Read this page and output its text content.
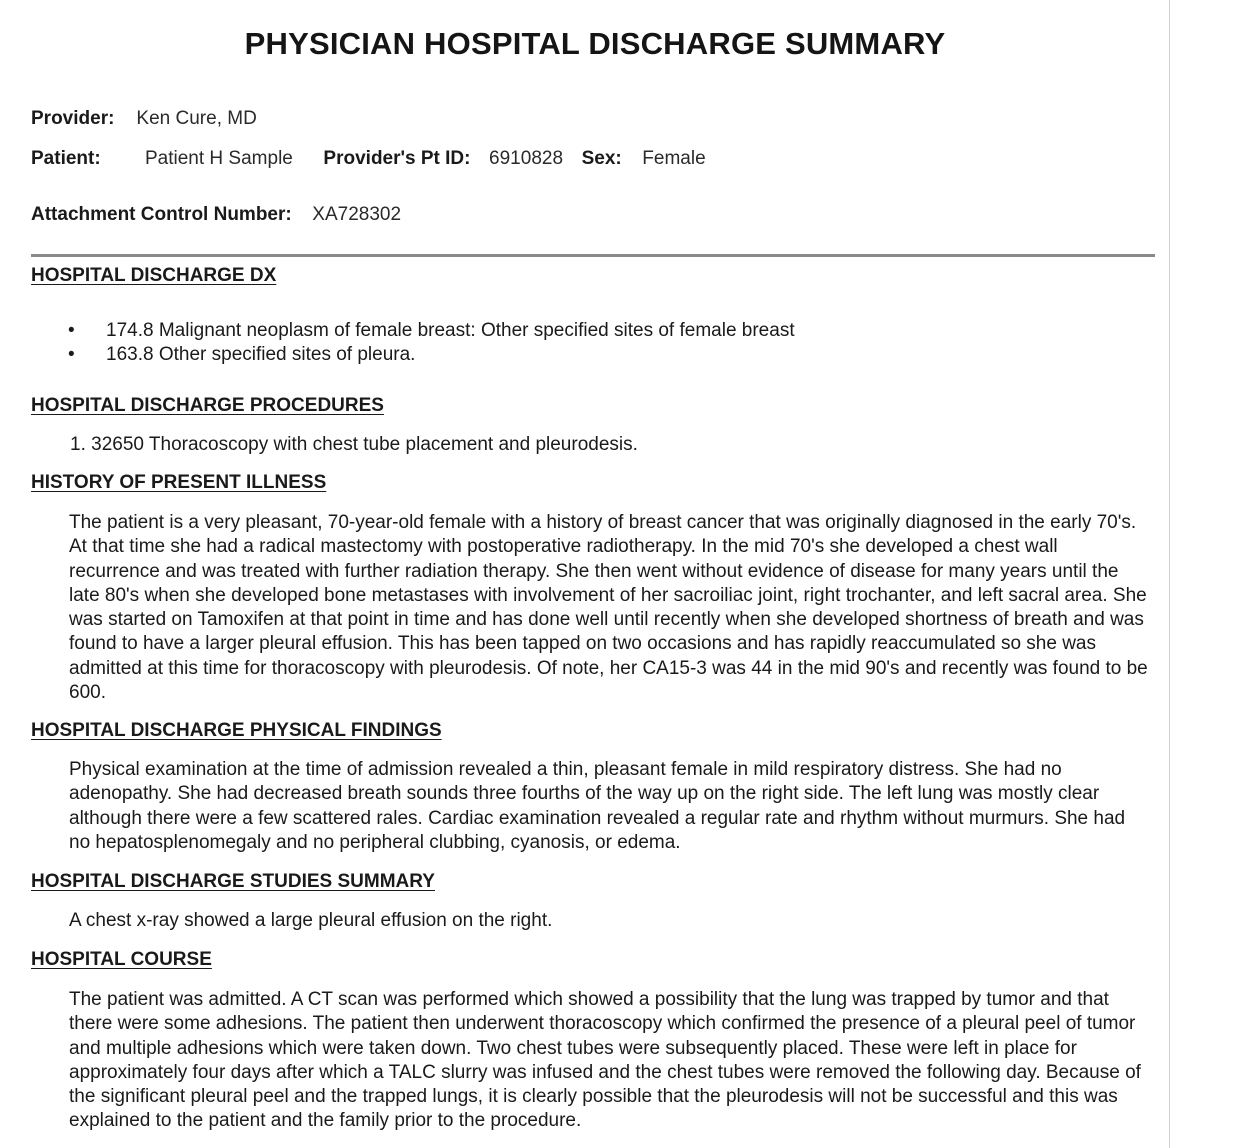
PHYSICIAN HOSPITAL DISCHARGE SUMMARY
Provider: Ken Cure, MD
Patient: Patient H Sample Provider's Pt ID: 6910828 Sex: Female
Attachment Control Number: XA728302
HOSPITAL DISCHARGE DX
• 174.8 Malignant neoplasm of female breast: Other specified sites of female breast
• 163.8 Other specified sites of pleura.
HOSPITAL DISCHARGE PROCEDURES
1. 32650 Thoracoscopy with chest tube placement and pleurodesis.
HISTORY OF PRESENT ILLNESS

The patient is a very pleasant, 70-year-old female with a history of breast cancer that was originally diagnosed in the early 70's. At that time she had a radical mastectomy with postoperative radiotherapy. In the mid 70's she developed a chest wall recurrence and was treated with further radiation therapy. She then went without evidence of disease for many years until the late 80's when she developed bone metastases with involvement of her sacroiliac joint, right trochanter, and left sacral area. She was started on Tamoxifen at that point in time and has done well until recently when she developed shortness of breath and was found to have a larger pleural effusion. This has been tapped on two occasions and has rapidly reaccumulated so she was admitted at this time for thoracoscopy with pleurodesis. Of note, her CA15-3 was 44 in the mid 90's and recently was found to be 600.

HOSPITAL DISCHARGE PHYSICAL FINDINGS

Physical examination at the time of admission revealed a thin, pleasant female in mild respiratory distress. She had no adenopathy. She had decreased breath sounds three fourths of the way up on the right side. The left lung was mostly clear although there were a few scattered rales. Cardiac examination revealed a regular rate and rhythm without murmurs. She had no hepatosplenomegaly and no peripheral clubbing, cyanosis, or edema.

HOSPITAL DISCHARGE STUDIES SUMMARY

A chest x-ray showed a large pleural effusion on the right.

HOSPITAL COURSE

The patient was admitted. A CT scan was performed which showed a possibility that the lung was trapped by tumor and that there were some adhesions. The patient then underwent thoracoscopy which confirmed the presence of a pleural peel of tumor and multiple adhesions which were taken down. Two chest tubes were subsequently placed. These were left in place for approximately four days after which a TALC slurry was infused and the chest tubes were removed the following day. Because of the significant pleural peel and the trapped lungs, it is clearly possible that the pleurodesis will not be successful and this was explained to the patient and the family prior to the procedure.
